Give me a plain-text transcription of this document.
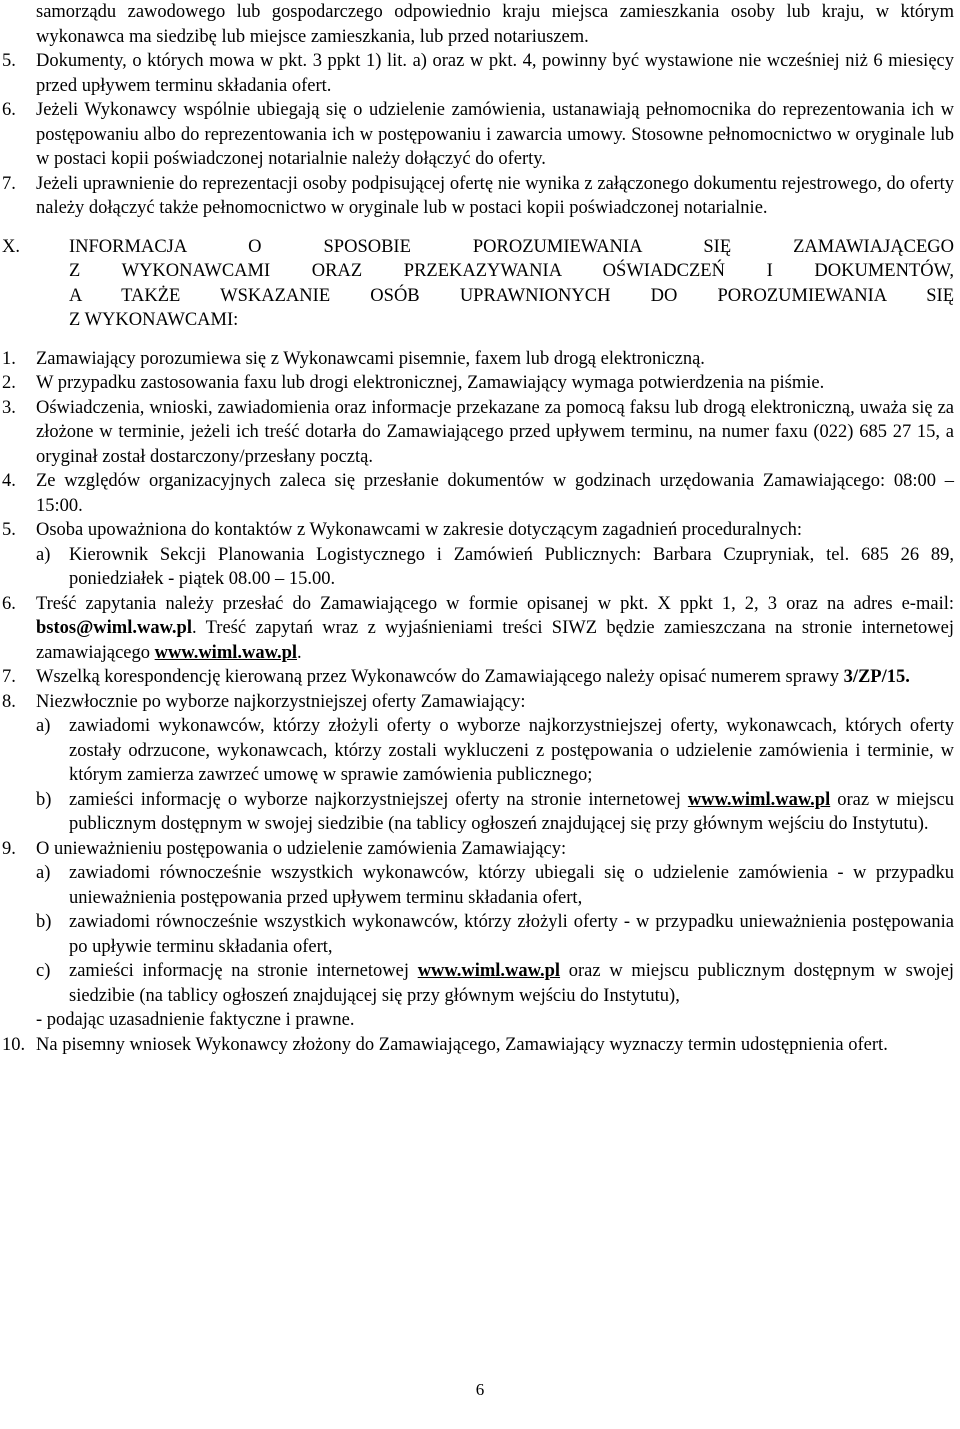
samorządu zawodowego lub gospodarczego odpowiednio kraju miejsca zamieszkania osoby lub kraju, w którym wykonawca ma siedzibę lub miejsce zamieszkania, lub przed notariuszem.
5. Dokumenty, o których mowa w pkt. 3 ppkt 1) lit. a) oraz w pkt. 4, powinny być wystawione nie wcześniej niż 6 miesięcy przed upływem terminu składania ofert.
6. Jeżeli Wykonawcy wspólnie ubiegają się o udzielenie zamówienia, ustanawiają pełnomocnika do reprezentowania ich w postępowaniu albo do reprezentowania ich w postępowaniu i zawarcia umowy. Stosowne pełnomocnictwo w oryginale lub w postaci kopii poświadczonej notarialnie należy dołączyć do oferty.
7. Jeżeli uprawnienie do reprezentacji osoby podpisującej ofertę nie wynika z załączonego dokumentu rejestrowego, do oferty należy dołączyć także pełnomocnictwo w oryginale lub w postaci kopii poświadczonej notarialnie.
X.	INFORMACJA O SPOSOBIE POROZUMIEWANIA SIĘ ZAMAWIAJĄCEGO
Z WYKONAWCAMI ORAZ PRZEKAZYWANIA OŚWIADCZEŃ I DOKUMENTÓW,
A TAKŻE WSKAZANIE OSÓB UPRAWNIONYCH DO POROZUMIEWANIA SIĘ
Z WYKONAWCAMI:
1. Zamawiający porozumiewa się z Wykonawcami pisemnie, faxem lub drogą elektroniczną.
2. W przypadku zastosowania faxu lub drogi elektronicznej, Zamawiający wymaga potwierdzenia na piśmie.
3. Oświadczenia, wnioski, zawiadomienia oraz informacje przekazane za pomocą faksu lub drogą elektroniczną, uważa się za złożone w terminie, jeżeli ich treść dotarła do Zamawiającego przed upływem terminu, na numer faxu (022) 685 27 15, a oryginał został dostarczony/przesłany pocztą.
4. Ze względów organizacyjnych zaleca się przesłanie dokumentów w godzinach urzędowania Zamawiającego: 08:00 – 15:00.
5. Osoba upoważniona do kontaktów z Wykonawcami w zakresie dotyczącym zagadnień proceduralnych:
a) Kierownik Sekcji Planowania Logistycznego i Zamówień Publicznych: Barbara Czupryniak, tel. 685 26 89, poniedziałek - piątek 08.00 – 15.00.
6. Treść zapytania należy przesłać do Zamawiającego w formie opisanej w pkt. X ppkt 1, 2, 3 oraz na adres e-mail: bstos@wiml.waw.pl. Treść zapytań wraz z wyjaśnieniami treści SIWZ będzie zamieszczana na stronie internetowej zamawiającego www.wiml.waw.pl.
7. Wszelką korespondencję kierowaną przez Wykonawców do Zamawiającego należy opisać numerem sprawy 3/ZP/15.
8. Niezwłocznie po wyborze najkorzystniejszej oferty Zamawiający:
a) zawiadomi wykonawców, którzy złożyli oferty o wyborze najkorzystniejszej oferty, wykonawcach, których oferty zostały odrzucone, wykonawcach, którzy zostali wykluczeni z postępowania o udzielenie zamówienia i terminie, w którym zamierza zawrzeć umowę w sprawie zamówienia publicznego;
b) zamieści informację o wyborze najkorzystniejszej oferty na stronie internetowej www.wiml.waw.pl oraz w miejscu publicznym dostępnym w swojej siedzibie (na tablicy ogłoszeń znajdującej się przy głównym wejściu do Instytutu).
9. O unieważnieniu postępowania o udzielenie zamówienia Zamawiający:
a) zawiadomi równocześnie wszystkich wykonawców, którzy ubiegali się o udzielenie zamówienia - w przypadku unieważnienia postępowania przed upływem terminu składania ofert,
b) zawiadomi równocześnie wszystkich wykonawców, którzy złożyli oferty - w przypadku unieważnienia postępowania po upływie terminu składania ofert,
c) zamieści informację na stronie internetowej www.wiml.waw.pl oraz w miejscu publicznym dostępnym w swojej siedzibie (na tablicy ogłoszeń znajdującej się przy głównym wejściu do Instytutu),
- podając uzasadnienie faktyczne i prawne.
10. Na pisemny wniosek Wykonawcy złożony do Zamawiającego, Zamawiający wyznaczy termin udostępnienia ofert.
6
